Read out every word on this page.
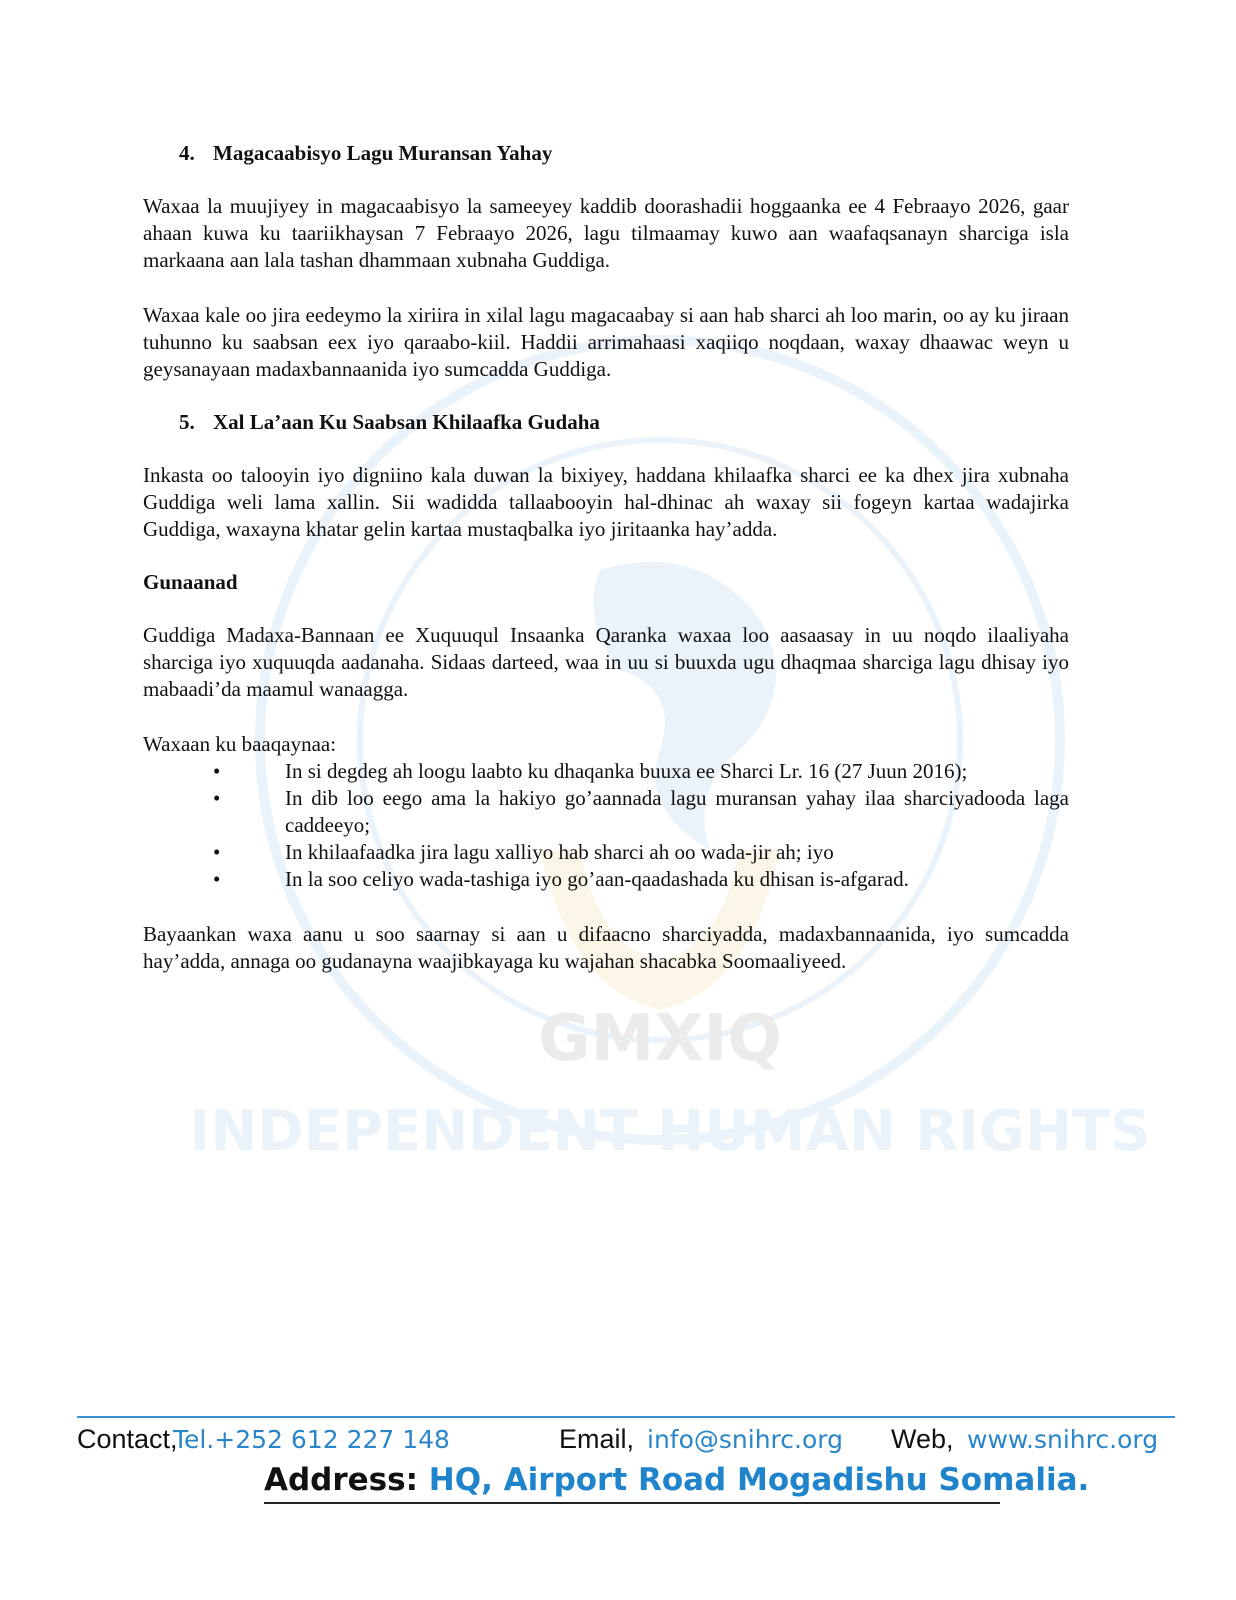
GMXIQ
INDEPENDENT HUMAN RIGHTS
4. Magacaabisyo Lagu Muransan Yahay

Waxaa la muujiyey in magacaabisyo la sameeyey kaddib doorashadii hoggaanka ee 4 Febraayo 2026, gaar ahaan kuwa ku taariikhaysan 7 Febraayo 2026, lagu tilmaamay kuwo aan waafaqsanayn sharciga isla markaana aan lala tashan dhammaan xubnaha Guddiga.

Waxaa kale oo jira eedeymo la xiriira in xilal lagu magacaabay si aan hab sharci ah loo marin, oo ay ku jiraan tuhunno ku saabsan eex iyo qaraabo-kiil. Haddii arrimahaasi xaqiiqo noqdaan, waxay dhaawac weyn u geysanayaan madaxbannaanida iyo sumcadda Guddiga.

5. Xal La’aan Ku Saabsan Khilaafka Gudaha

Inkasta oo talooyin iyo digniino kala duwan la bixiyey, haddana khilaafka sharci ee ka dhex jira xubnaha Guddiga weli lama xallin. Sii wadidda tallaabooyin hal-dhinac ah waxay sii fogeyn kartaa wadajirka Guddiga, waxayna khatar gelin kartaa mustaqbalka iyo jiritaanka hay’adda.

Gunaanad

Guddiga Madaxa-Bannaan ee Xuquuqul Insaanka Qaranka waxaa loo aasaasay in uu noqdo ilaaliyaha sharciga iyo xuquuqda aadanaha. Sidaas darteed, waa in uu si buuxda ugu dhaqmaa sharciga lagu dhisay iyo mabaadi’da maamul wanaagga.

Waxaan ku baaqaynaa:

•	In si degdeg ah loogu laabto ku dhaqanka buuxa ee Sharci Lr. 16 (27 Juun 2016);
•	In dib loo eego ama la hakiyo go’aannada lagu muransan yahay ilaa sharciyadooda laga caddeeyo;
•	In khilaafaadka jira lagu xalliyo hab sharci ah oo wada-jir ah; iyo
•	In la soo celiyo wada-tashiga iyo go’aan-qaadashada ku dhisan is-afgarad.

Bayaankan waxa aanu u soo saarnay si aan u difaacno sharciyadda, madaxbannaanida, iyo sumcadda hay’adda, annaga oo gudanayna waajibkayaga ku wajahan shacabka Soomaaliyeed.

Contact,
Tel.+252 612 227 148	Email, info@snihrc.org Web, www.snihrc.org
Address: HQ, Airport Road Mogadishu Somalia.
